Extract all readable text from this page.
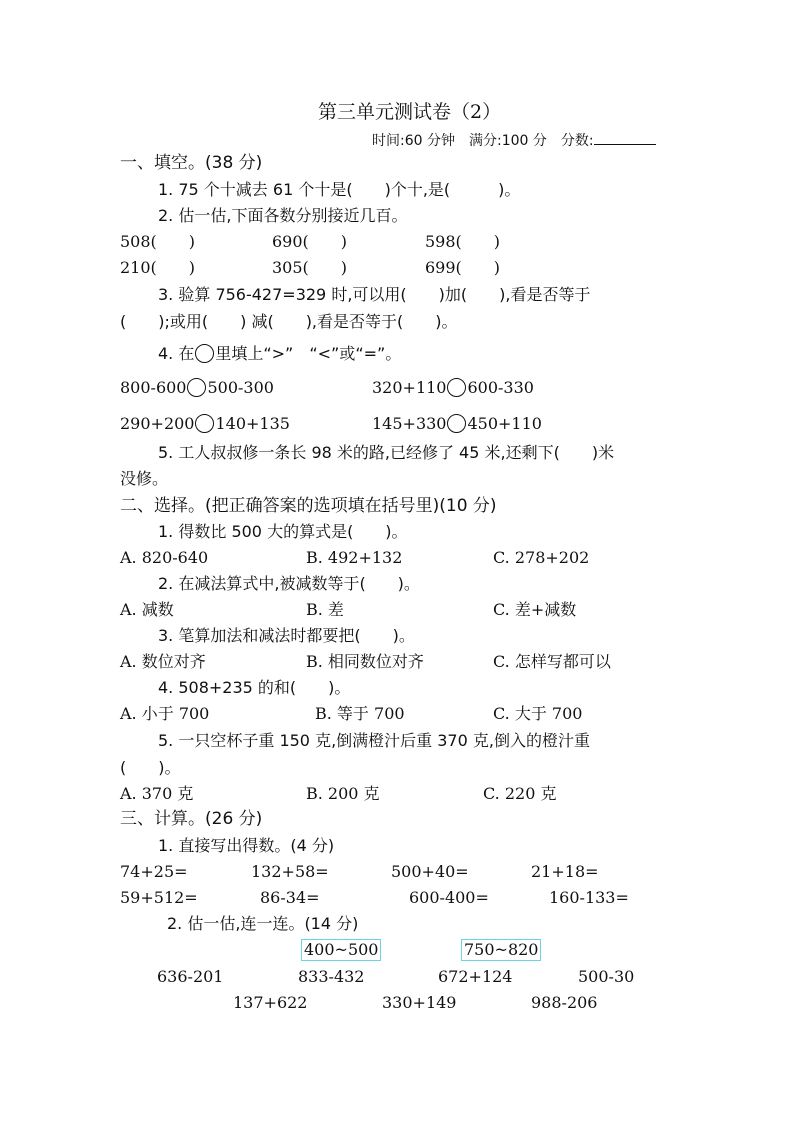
第三单元测试卷（2）
时间:60 分钟　满分:100 分　分数:
一、填空。(38 分)
1. 75 个十减去 61 个十是(　　)个十,是(　　　)。
2. 估一估,下面各数分别接近几百。
508(　　)	690(　　)	598(　　)
210(　　)	305(　　)	699(　　)
3. 验算 756-427=329 时,可以用(　　)加(　　),看是否等于
(　　);或用(　　) 减(　　),看是否等于(　　)。
4. 在 里填上“>”　“<”或“=”。
800-600 500-300	320+110 600-330
290+200 140+135	145+330 450+110
5. 工人叔叔修一条长 98 米的路,已经修了 45 米,还剩下(　　)米
没修。
二、选择。(把正确答案的选项填在括号里)(10 分)
1. 得数比 500 大的算式是(　　)。
A. 820-640	B. 492+132	C. 278+202
2. 在减法算式中,被减数等于(　　)。
A. 减数	B. 差	C. 差+减数
3. 笔算加法和减法时都要把(　　)。
A. 数位对齐	B. 相同数位对齐	C. 怎样写都可以
4. 508+235 的和(　　)。
A. 小于 700	B. 等于 700	C. 大于 700
5. 一只空杯子重 150 克,倒满橙汁后重 370 克,倒入的橙汁重
(　　)。
A. 370 克	B. 200 克	C. 220 克
三、计算。(26 分)
1. 直接写出得数。(4 分)
74+25=	132+58=	500+40=	21+18=
59+512=	86-34=	600-400=	160-133=
2. 估一估,连一连。(14 分)
400~500	750~820
636-201	833-432	672+124	500-30
137+622	330+149	988-206
